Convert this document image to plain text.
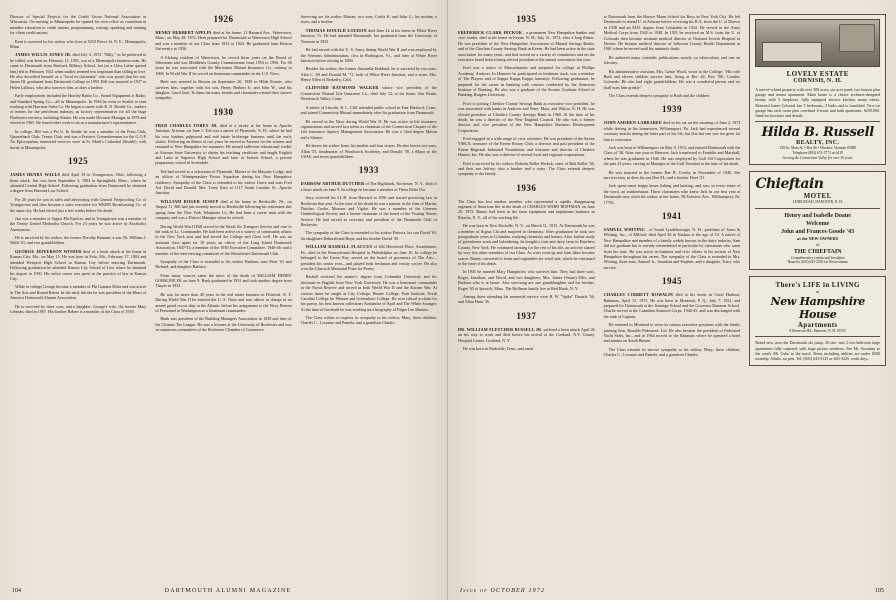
Director of Special Projects for the Credit Union National Association in Wisconsin. On moving to Minneapolis he opened his own office as consultant in member education to credit unions, programming, writing, speaking and training for client credit unions.

Kent is survived by his widow who lives at 5210 Pierce St. N. E., Minneapolis, Minn.

JAMES WILLIS JONES JR. died July 4, 1972. "Billy," as he preferred to be called, was born on February 11, 1901, son of a Minneapolis business man. He came to Dartmouth from Shattuck Military School, but (as a Class Letter quoted him) left in February 1922 when studies seemed less important than falling in love. He also described himself as a "local ex-classmate" who was proud that his son, James III, graduated from Dartmouth College in 1950. Bill was married in 1927 to Helen LaDoux, who also survives him, as does a brother.

Early employment included the Hawley Radio Co., Sound Equipment at Radio, and Standard Spring Co.—all in Minneapolis. In 1934 he went to Seattle to start working with Harrison Sales Co. He began a career with R. N. Brodie Co., makers of meters for the petroleum industry, as factory representative for all the huge Northwest territory, including Alaska. He was made Division Manager in 1978 and retired in 1965. He found other work to do as a manufacturer's representative.

In college, Bill was a Psi U. In Seattle he was a member of the Press Club, Quarterback Club, Tennis Club, and was a Precinct Committeeman for the G.O.P. An Episcopalian, memorial services were in St. Mark's Cathedral (Seattle), with burial in Minneapolis.

1925

JAMES HENRY WALLS died April 19 in Youngstown, Ohio, following a heart attack. Jim was born September 3, 1903 in Springfield, Mass., where he attended Central High School. Following graduation from Dartmouth he obtained a degree from Harvard Law School.

For 20 years he was in sales and advertising with General Fireproofing Co. of Youngstown and then became a sales executive for WKBN Broadcasting Co. of the same city. He had retired just a few weeks before his death.

Jim was a member of Sigma Phi Epsilon, and in Youngstown was a member of the Trinity United Methodist Church. For 23 years he was active in Alcoholics Anonymous.

He is survived by his widow, the former Dorothy Barnum; a son, Dr. William J. Walls '61, and two grandchildren.

GEORGE JEFFERSON WINSER died of a heart attack at his home in Kansas City, Mo., on May 15. He was born in Polo, Mo., February 17, 1904 and attended Westport High School in Kansas City before entering Dartmouth. Following graduation he attended Kansas City School of Law where he obtained his degree in 1930. His entire career was spent in the practice of law in Kansas City.

While in college George became a member of Phi Gamma Delta and was active in The Arts and Round Robin. In the early thirties he was president of the Heart of America Dartmouth Alumni Association.

He is survived by three sons, and a daughter. George's wife, the former Mary Lehman, died in 1967. His brother Robert is a member of the Class of 1933.

1926

HENRY HERBERT APPLIN died at his home, 11 Barnard Ave., Watertown, Mass., on May 28, 1972. Herb prepared for Dartmouth at Watertown High School and was a member of our Class from 1922 to 1924. He graduated from Boston University in 1926.

A lifelong resident of Watertown, he served three years on the Board of Selectmen and was Middlesex County Commissioner from 1953 to 1956. For 38 years he was associated with the Merchants Mutual Insurance Co., retiring in 1968. In World War II he served an lieutenant commander in the U.S. Navy.

Herb was married in Boston on September 20, 1929 to Hilda Forster, who survives him, together with his son, Henry Herbert Jr. and John W., and his daughter, Carol Jean. To them his many friends and classmates extend their sincere sympathy.

1930

FRED CHARLES TOREY JR. died of a stroke at his home in Apache Junction, Arizona, on June 1. Ted was a native of Plymouth, N. H., where he had his own lumber, pulpwood and real estate brokerage business until the early sixties. Following an illness of two years he moved to Arizona for the winters and returned to New Hampshire for summers. He earned sufficient educational credits at Arizona State University to obtain his teaching certificate and taught English and Latin at Superior High School and later at Judson School, a private preparatory school in Scottsdale.

Ted had served as a selectman of Plymouth, Master of his Masonic Lodge, and an officer of Winnipesaukee Power Squadron during his New Hampshire residency. Sympathy of the Class is extended to his widow Grace and sons Fred 3rd, David and Donald, Mrs. Torey lives at 1117 South Lawther St., Apache Junction.

WILLIAM ROGER JESSUP died at his home in Reedsville, Pa., on August 11. Bill had just recently moved to Reedsville following his retirement this spring from the New York Telephone Co. He had been a career man with the company and was a District Manager when he retired.

During World War II Bill served in the Naval Air Transport Service and rose to the rank of Lt. Commander. He had been active in a variety of community affairs in the New York area and had served the College and Class well. He was an assistant class agent for 10 years; an officer of the Long Island Dartmouth Association, 1947-51; a member of the 1930 Executive Committee, 1940-46; and a member of the interviewing committee of the Westchester Dartmouth Club.

Sympathy of the Class is extended to his widow Barbara, sons Peter '61 and Richard, and daughter Barbara.

From many sources came the news of the death of WILLIAM HENRY GORSLINE JR. on June 9. Hank graduated in 1931 and took another degree from Thayer in 1932.

He was for more than 40 years in the real estate business in Pittsford, N. Y. During World War II he entered the U. S. Navy and was officer in charge of an armed guard escort ship in the Atlantic before his assignment to the Navy Bureau of Personnel in Washington as a lieutenant commander.

Hank was president of the Building Managers Association in 1938 and later of the Citizens Tax League. He was a lecturer at the University of Rochester and was on numerous committees of the Rochester Chamber of Commerce.

Surviving are his widow Marian; two sons, Crofts K. and John G.; his mother, a sister, and a brother.

THOMAS DONALD LOUDON died June 22 at his home in White River Junction, Vt. He had attended Dartmouth, but graduated from the University of Vermont in 1932.

He had served with the U. S. Army during World War II and was employed by the Veterans Administration, first in Burlington, Vt., and later at White River Junction before retiring in 1969.

Besides his widow, the former Antonella Hubbard, he is survived by two sons, Alan C. '69 and Donald M. '72, both of White River Junction, and a sister, Mrs. Henry Allen of Berkeley, Calif.

CLIFFORD RAYMOND WALKER whose vice president of the Connecticut Mutual Life Insurance Co., died July 12, at his home, Star Route, Woodstock Valley, Conn.

A native of Lincoln, R. I., Cliff attended public school in East Hartford, Conn., and joined Connecticut Mutual immediately after his graduation from Dartmouth.

He served in the Navy during World War II. He was active in life insurance organizations and served two terms as chairman of the Connecticut Chapter of the Life Insurance Agency Management Association. He was a 32nd degree Mason and a Shriner.

He leaves his widow Irene, his mother and four sisters. He also leaves two sons, Allan '55, headmaster of Woodstock Academy, and Donald '58, a Major in the USAF, and seven grandchildren.

1933

DARROW ARTHUR DUTCHER of The Highlands, Rochester, N. Y., died of a heart attack on June 9. In college he became a member of Theta Delta Chi.

Jerry received his LL.B. from Harvard in 1936 and started practicing law in Rochester that year. At the time of his death he was a partner in the firm of Martin, Dutcher, Cooke, Mossaw and Vigdor. He was a member of the Genesee Ornithological Society and a former chairman of the board of the Visiting Nurses Service. He had served as secretary and president of the Dartmouth Club of Rochester.

The sympathy of the Class is extended to his widow Patricia, his son David '63, his daughters Deborah and Hope, and his brother David '39.

WILLIAM RASHALL FLACCUS of 404 Haverford Place, Swarthmore, Pa., died at the Pennsylvania Hospital in Philadelphia on June 16. In college he belonged to the Green Key, served on the board of governors of The Arts—president his senior year—and played both freshman and varsity soccer. He also won the Glascock Memorial Prize for Poetry.

Rashall received his master's degree from Columbia University and his doctorate in English from New York University. He was a lieutenant commander in the Naval Reserve and served in both World War II and the Korean War. At various times he taught at City College, Hunter College, Pratt Institute, North Carolina College for Women and Greensboro College. He won critical acclaim for his poetry, his best known collections Avalanche of April and The White Stranger. At the time of his death he was working on a biography of Edgar Lee Masters.

The Class wishes to express its sympathy to his widow, Mary; three children, Charles C., Lorraine and Pamela, and a grandson Charles.

104	DARTMOUTH ALUMNI MAGAZINE
1935

FREDERICK CLARK HICKOK , a prominent New Hampshire banker and civic leader, died at his home in Keene, N. H., July 31, 1972, after a long illness. He was president of the New Hampshire Association of Mutual Savings Banks, and of the Cheshire County Savings Bank in Keene. He had been active in the state association for many years, and had served on a variety of committees and on the executive board before being elected president at the annual convention last year.

Fred was a native of Massachusetts and prepared for college at Phillips Academy, Andover. In Hanover he participated in freshman track, was a member of The Players and of Kappa Kappa Kappa fraternity. Following graduation, he prepared for his career in banking with courses conducted by the American Institute of Banking. He also was a graduate of the Stonier Graduate School of Banking, Rutgers University.

Prior to joining Cheshire County Savings Bank as executive vice president, he was associated with banks in Andover and Ware, Mass. and Wilton, N. H. He was elected president of Cheshire County Savings Bank in 1960. At the time of his death, he was a director of the New England Council. He also was a former director and vice president of the New Hampshire Business Development Corporation.

Fred engaged in a wide range of civic activities. He was president of the Keene YMCA, treasurer of the Keene Rotary Club, a director and past president of the Keene Regional Industrial Foundation, and treasurer and director of Cheshire Homes, Inc. He also was a director of several local and regional corporations.

Fred is survived by his widow, Roberta Keller Hickok, sister of Bob Keller '36, and their son Jeffrey; also a brother and a sister. The Class extends deepest sympathy to the family.

1936

The Class has lost another member who represented a rapidly disappearing segment of American life in the death of CHARLES WARD HOFFMAN on June 29, 1972. Bunny had been in the farm equipment and implement business in Batavia, N. Y., all of his working life.

He was born in New Rochelle, N. Y., on March 11, 1915. At Dartmouth he was a member of Sigma Chi and majored in chemistry. After graduation he took two postgraduate years at Columbia, studying chemistry and botany. After further study of greenhouse work and hybridizing, he bought a fruit and dairy farm in Dutchess County, New York. He continued farming for the rest of his life, an activity shared by very few other members of our Class. As costs went up and farm labor became scarce, Bunny converted to fruits and vegetables for retail sale, which he continued to the time of his death.

In 1941 he married Mary Humphries, who survives him. They had three sons, Roger, Jonathan, and David, and two daughters, Mrs. James (Susan) Ellis, and Barbara who is at home. Also surviving are one granddaughter and his brother, Roger '45 of Ipswich, Mass. The Hoffman family live in Red Hook, N. Y.

Among those attending his memorial service were R. W. "Spike" Daniels '36, and Allan Hunt '36.

1937

DR. WILLIAM FLETCHER RUSSELL JR. suffered a heart attack April 26 on his way to work and died before his arrival at the Cortland, N.Y. County Hospital Center, Cortland, N. Y.

He was born in Nashville, Tenn., and came

to Dartmouth from the Horace Mann School for Boys in New York City. He left Dartmouth to attend U. of Arizona before receiving his B.A. from the U. of Denver in 1938 and an M.D. degree from Columbia in 1944. He served in the Army Medical Corps from 1945 to 1948. In 1951 he received an M.S. from the U. of Colorado then became assistant medical director at National Jewish Hospital in Denver. He became medical director of Jefferson County Health Department in 1961 where he served until his untimely death.

He authored many scientific publications mostly on tuberculosis and one on falconry.

His administrative assistant, Mrs. Genie Wood, wrote to the College: "His wife Ruth and eleven children survive him, living at Rte. #2, Box 76E, Conifer, Colorado. He also had eight grandchildren. He was a wonderful person and we shall miss him greatly."

The Class extends deepest sympathy to Ruth and the children.

1939

JOHN AMSDEN LABRAREE died in his car on the morning of June 2, 1972 while driving in his hometown, Williamsport, Pa. Jack had experienced several coronary attacks during the latter part of his life, but this last one was too great for him to overcome.

Jack was born in Williamsport on May 9, 1915, and entered Dartmouth with the Class of '38. After one year in Hanover, Jack transferred to Franklin and Marshall, where he was graduated in 1940. He was employed by Gulf Oil Corporation for the past 23 years, serving as Manager of the Gulf Terminal at the time of his death.

He was married to the former Rae B. Crosby in November of 1940. She survives him, as does his son Don M.; and a brother Dave '31.

Jack spent many happy hours fishing and hunting, and was, in every sense of the word, an outdoorsman. Those classmates who knew Jack in our first year at Dartmouth may reach his widow at her home, 58 Fairview Ave., Williamsport, Pa. 17701.

1941

SAMUEL WHITING , of South Lyndeborough, N. H., president of Jones & Whiting, Inc., of Milford, died April 26 in Nashua at the age of 53. A native of New Hampshire and member of a family widely known in the dairy industry, Sam did not graduate but is warmly remembered in particular by classmates who came from his state. He was active in business and civic affairs in his section of New Hampshire throughout his career. The sympathy of the Class is extended to Mrs. Whiting, three sons, Samuel Jr., Jonathan and Stephen, and a daughter, Tracy, who survive.

1945

CHARLES CORBETT ROWALIN died at his home in Coral Harbour, Bahamas, April 13, 1972. He was born in Montreal, P. Q., July 7, 1921, and prepared for Dartmouth at the Jennings School and the Governor Dummer School. Charlie served at the Canadian Armored Corps, 1942-45, and was discharged with the rank of Captain.

He returned to Montreal to serve in various executive positions with the family printing firm, Ronalds Federated, Ltd. He also became the president of Federated Yacht Sales, Inc., and in 1964 moved to the Bahamas where he operated a hotel and marina on South Bimini.

The Class extends its sincere sympathy to his widow, Mary; three children, Charles C., Lorraine and Pamela, and a grandson Charles.

LOVELY ESTATE
CORNISH, N. H.
A one-of-a-kind property with over 300 acres, six-acre pond, two houses plus garage and tenant apartment. Main house is a choice architect-designed beauty with 3 fireplaces, fully equipped electric kitchen, many extras. Restored frame Colonial has 5 bedrooms, 2 baths and is furnished. Two-car garage has tack room plus overhead 4-room and bath apartment. $250,000. Send for brochure and details.
Hilda B. Russell
REALTY, INC.
149 So. Main St. • Box 66 • Windsor, Vermont 05089
Telephone (802) 674-5773 or 6410
Serving the Connecticut Valley for over 30 years
Chieftain
MOTEL
LYME ROAD, HANOVER, N. H.
Henry and Isabelle Doane
Welcome
John and Frances Goode '43
as the NEW OWNERS
of
THE CHIEFTAIN
Complimentary continental breakfast
Hanover (603) 643-2550 for Reservations
There's LIFE in LIVING
at
New Hampshire House
Apartments
8 Reservoir Rd., Hanover, N. H. 03755
Brand new, near the Dartmouth ski jump, 30 one- and 2 two-bedroom large apartments fully carpeted, with large picture windows. See Mr. Ascutney to the south, Mt. Cube to the north. Rents including utilities are under $300 monthly. Adults, no pets. Tel. (603) 643-5125 or 643-3225, work days.
Issue of OCTOBER 1972	105
